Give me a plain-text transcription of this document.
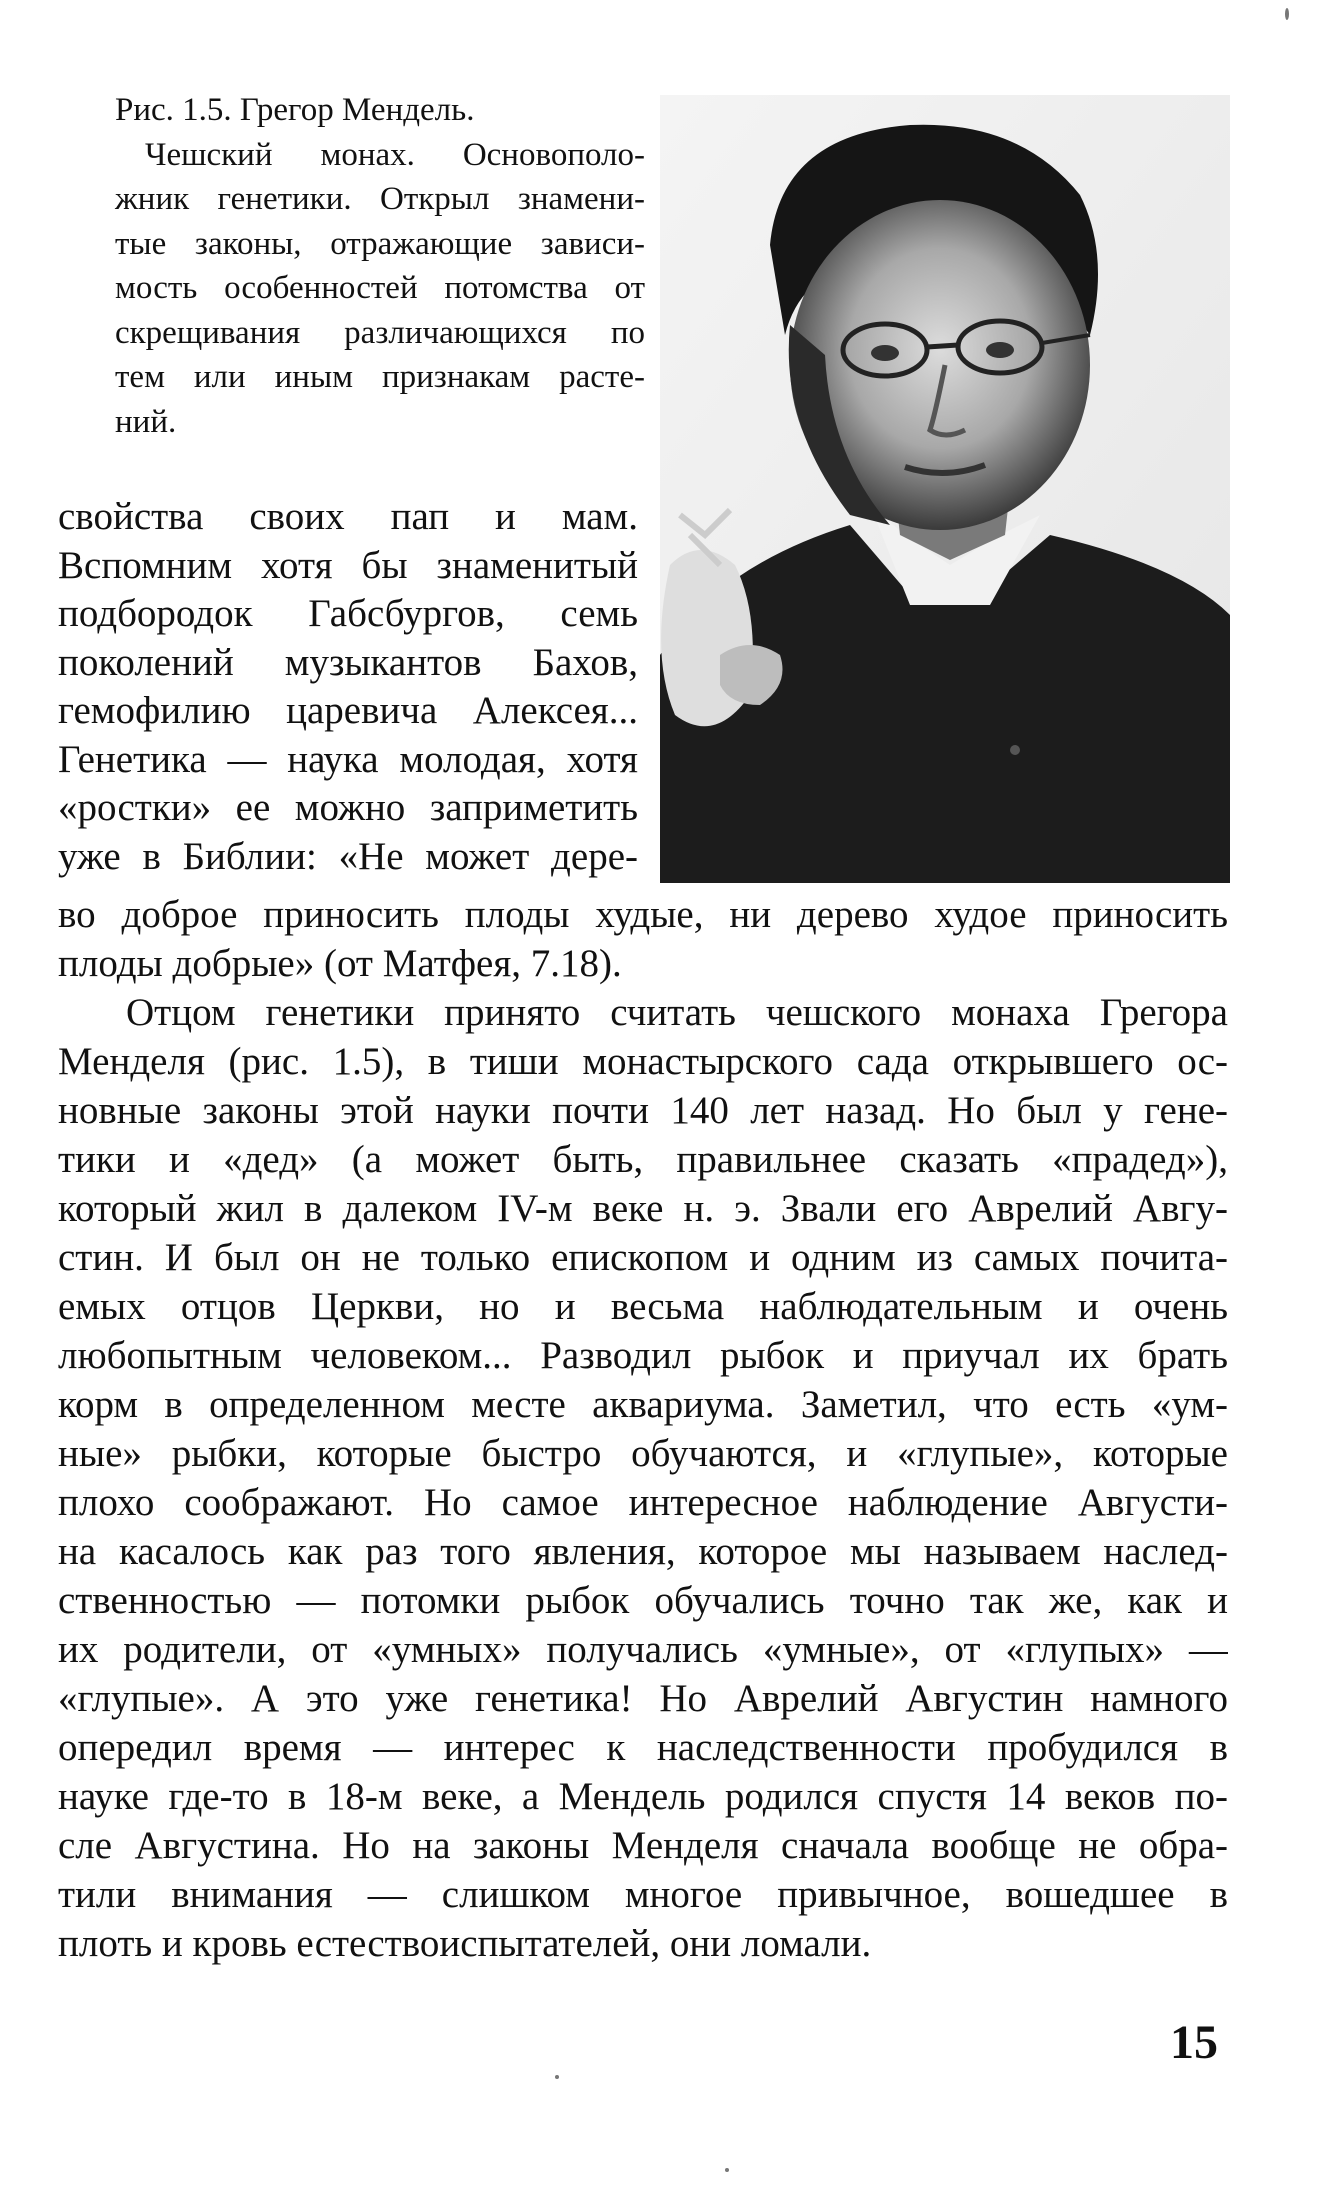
Рис. 1.5. Грегор Мендель.
Чешский монах. Основополо-
жник генетики. Открыл знамени-
тые законы, отражающие зависи-
мость особенностей потомства от
скрещивания различающихся по
тем или иным признакам расте-
ний.
свойства своих пап и мам.
Вспомним хотя бы знаменитый
подбородок Габсбургов, семь
поколений музыкантов Бахов,
гемофилию царевича Алексея...
Генетика — наука молодая, хотя
«ростки» ее можно заприметить
уже в Библии: «Не может дере-
во доброе приносить плоды худые, ни дерево худое приносить
плоды добрые» (от Матфея, 7.18).
Отцом генетики принято считать чешского монаха Грегора
Менделя (рис. 1.5), в тиши монастырского сада открывшего ос-
новные законы этой науки почти 140 лет назад. Но был у гене-
тики и «дед» (а может быть, правильнее сказать «прадед»),
который жил в далеком IV-м веке н. э. Звали его Аврелий Авгу-
стин. И был он не только епископом и одним из самых почита-
емых отцов Церкви, но и весьма наблюдательным и очень
любопытным человеком... Разводил рыбок и приучал их брать
корм в определенном месте аквариума. Заметил, что есть «ум-
ные» рыбки, которые быстро обучаются, и «глупые», которые
плохо соображают. Но самое интересное наблюдение Августи-
на касалось как раз того явления, которое мы называем наслед-
ственностью — потомки рыбок обучались точно так же, как и
их родители, от «умных» получались «умные», от «глупых» —
«глупые». А это уже генетика! Но Аврелий Августин намного
опередил время — интерес к наследственности пробудился в
науке где-то в 18-м веке, а Мендель родился спустя 14 веков по-
сле Августина. Но на законы Менделя сначала вообще не обра-
тили внимания — слишком многое привычное, вошедшее в
плоть и кровь естествоиспытателей, они ломали.
15
